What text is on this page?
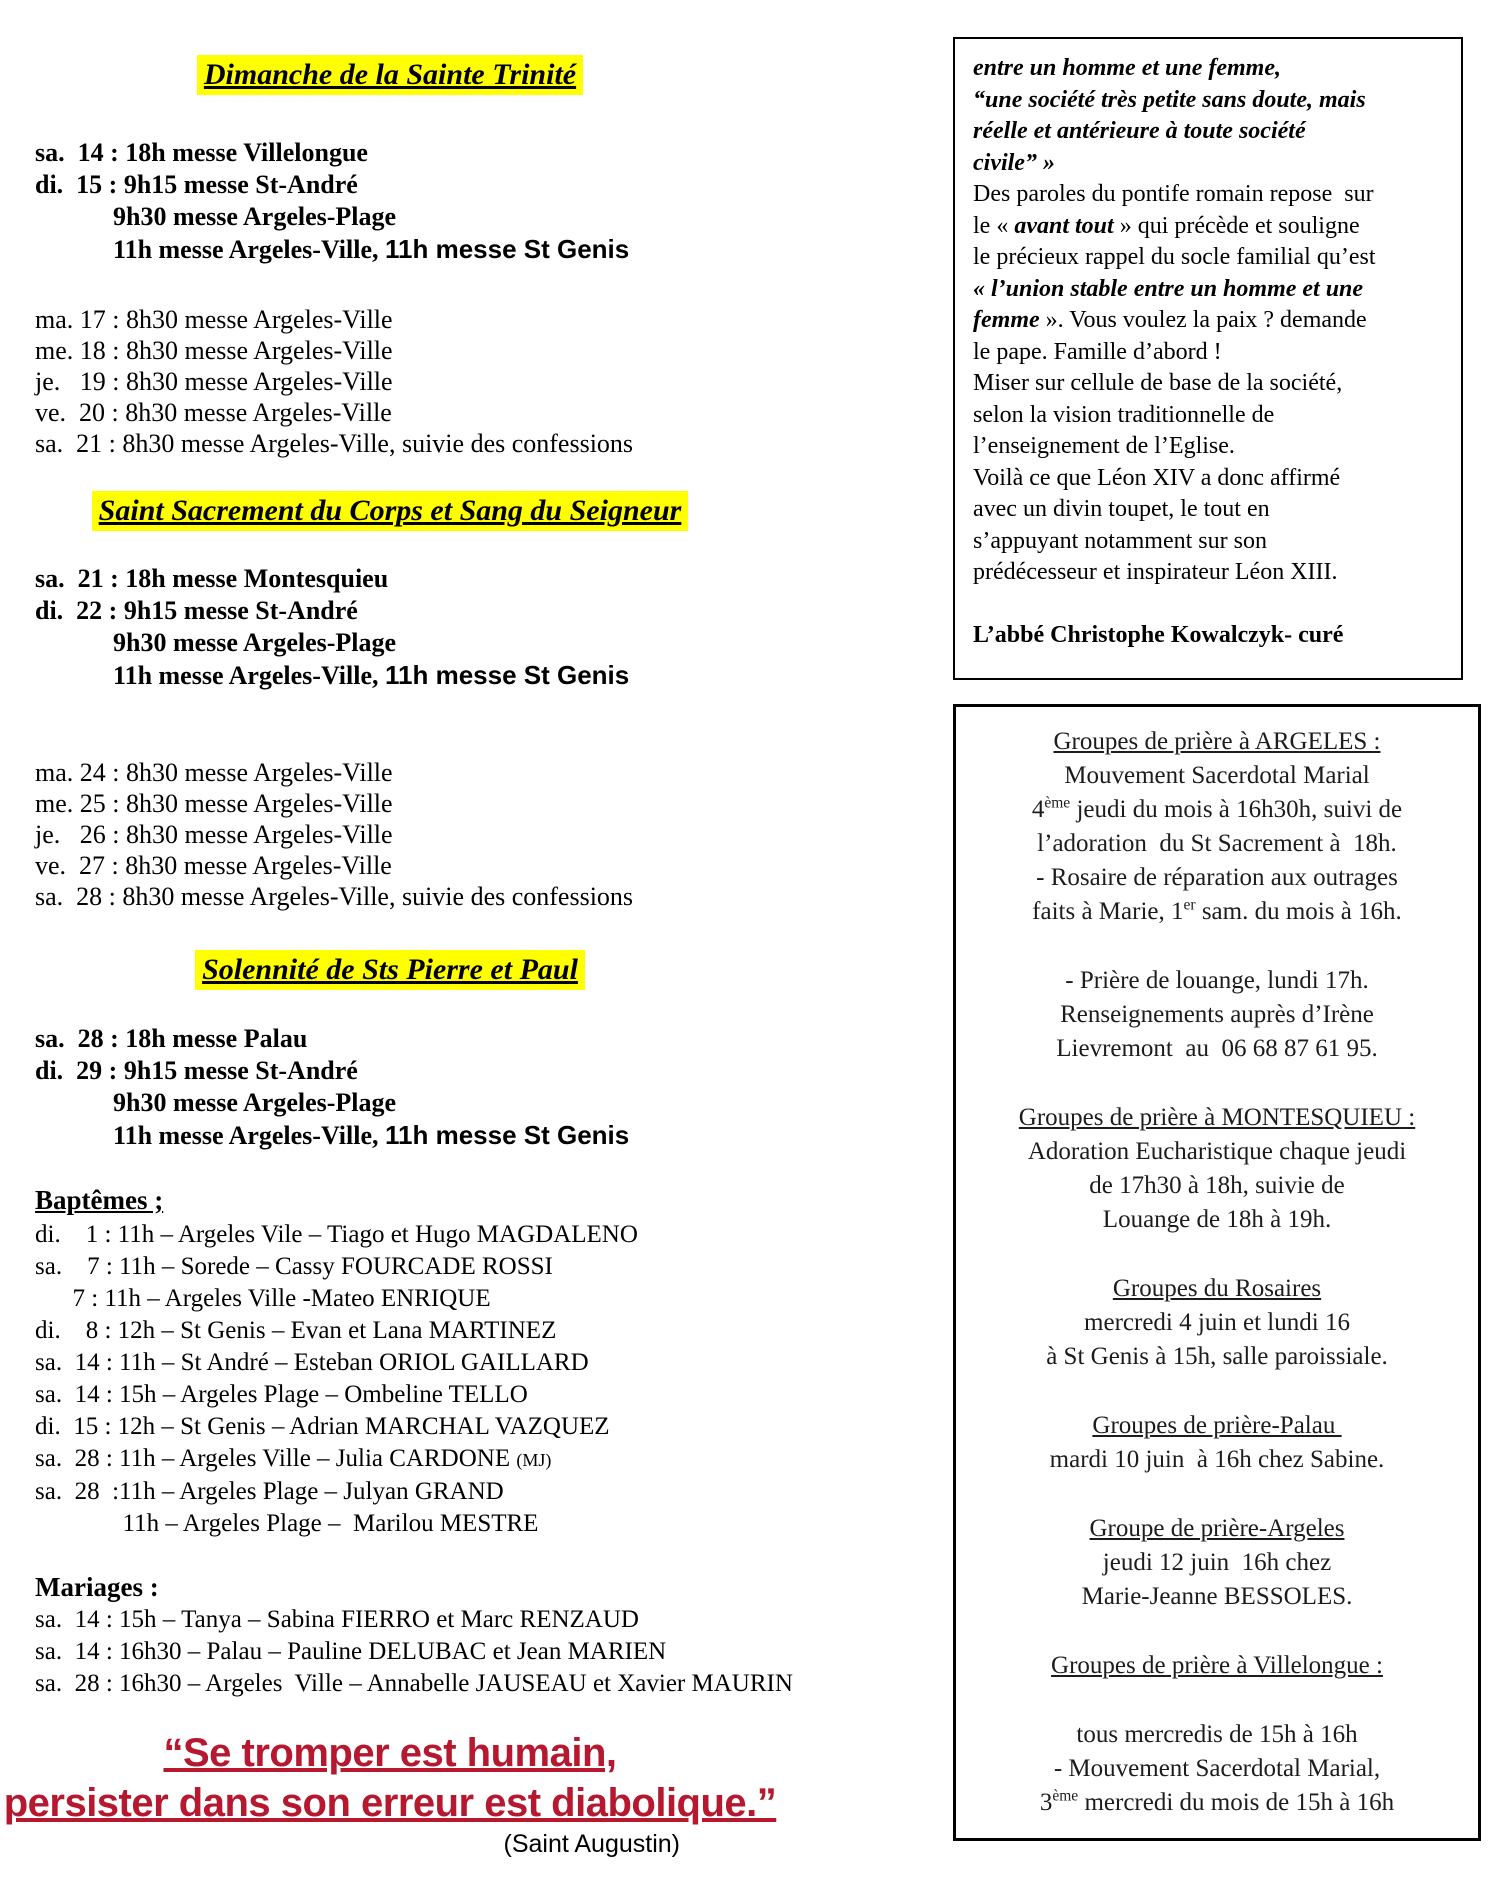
Dimanche de la Sainte Trinité
sa.  14 : 18h messe Villelongue
di.  15 : 9h15 messe St-André
9h30 messe Argeles-Plage
11h messe Argeles-Ville, 11h messe St Genis
ma. 17 : 8h30 messe Argeles-Ville
me. 18 : 8h30 messe Argeles-Ville
je.   19 : 8h30 messe Argeles-Ville
ve.  20 : 8h30 messe Argeles-Ville
sa.  21 : 8h30 messe Argeles-Ville, suivie des confessions
Saint Sacrement du Corps et Sang du Seigneur
sa.  21 : 18h messe Montesquieu
di.  22 : 9h15 messe St-André
9h30 messe Argeles-Plage
11h messe Argeles-Ville, 11h messe St Genis
ma. 24 : 8h30 messe Argeles-Ville
me. 25 : 8h30 messe Argeles-Ville
je.   26 : 8h30 messe Argeles-Ville
ve.  27 : 8h30 messe Argeles-Ville
sa.  28 : 8h30 messe Argeles-Ville, suivie des confessions
Solennité de Sts Pierre et Paul
sa.  28 : 18h messe Palau
di.  29 : 9h15 messe St-André
9h30 messe Argeles-Plage
11h messe Argeles-Ville, 11h messe St Genis
Baptêmes ;
di.    1 : 11h – Argeles Vile – Tiago et Hugo MAGDALENO
sa.    7 : 11h – Sorede – Cassy FOURCADE ROSSI
7 : 11h – Argeles Ville -Mateo ENRIQUE
di.    8 : 12h – St Genis – Evan et Lana MARTINEZ
sa.  14 : 11h – St André – Esteban ORIOL GAILLARD
sa.  14 : 15h – Argeles Plage – Ombeline TELLO
di.  15 : 12h – St Genis – Adrian MARCHAL VAZQUEZ
sa.  28 : 11h – Argeles Ville – Julia CARDONE (MJ)
sa.  28  :11h – Argeles Plage – Julyan GRAND
11h – Argeles Plage –  Marilou MESTRE
Mariages :
sa.  14 : 15h – Tanya – Sabina FIERRO et Marc RENZAUD
sa.  14 : 16h30 – Palau – Pauline DELUBAC et Jean MARIEN
sa.  28 : 16h30 – Argeles  Ville – Annabelle JAUSEAU et Xavier MAURIN
“Se tromper est humain,
persister dans son erreur est diabolique.”
(Saint Augustin)
entre un homme et une femme,
“une société très petite sans doute, mais
réelle et antérieure à toute société
civile” »
Des paroles du pontife romain repose  sur
le « avant tout » qui précède et souligne
le précieux rappel du socle familial qu’est
« l’union stable entre un homme et une
femme ». Vous voulez la paix ? demande
le pape. Famille d’abord !
Miser sur cellule de base de la société,
selon la vision traditionnelle de
l’enseignement de l’Eglise.
Voilà ce que Léon XIV a donc affirmé
avec un divin toupet, le tout en
s’appuyant notamment sur son
prédécesseur et inspirateur Léon XIII.

L’abbé Christophe Kowalczyk- curé
Groupes de prière à ARGELES :
Mouvement Sacerdotal Marial
4ème jeudi du mois à 16h30h, suivi de
l’adoration  du St Sacrement à  18h.
- Rosaire de réparation aux outrages
faits à Marie, 1er sam. du mois à 16h.

- Prière de louange, lundi 17h.
Renseignements auprès d’Irène
Lievremont  au  06 68 87 61 95.

Groupes de prière à MONTESQUIEU :
Adoration Eucharistique chaque jeudi
de 17h30 à 18h, suivie de
Louange de 18h à 19h.

Groupes du Rosaires
mercredi 4 juin et lundi 16
à St Genis à 15h, salle paroissiale.

Groupes de prière-Palau
mardi 10 juin  à 16h chez Sabine.

Groupe de prière-Argeles
jeudi 12 juin  16h chez
Marie-Jeanne BESSOLES.

Groupes de prière à Villelongue :

tous mercredis de 15h à 16h
- Mouvement Sacerdotal Marial,
3ème mercredi du mois de 15h à 16h
